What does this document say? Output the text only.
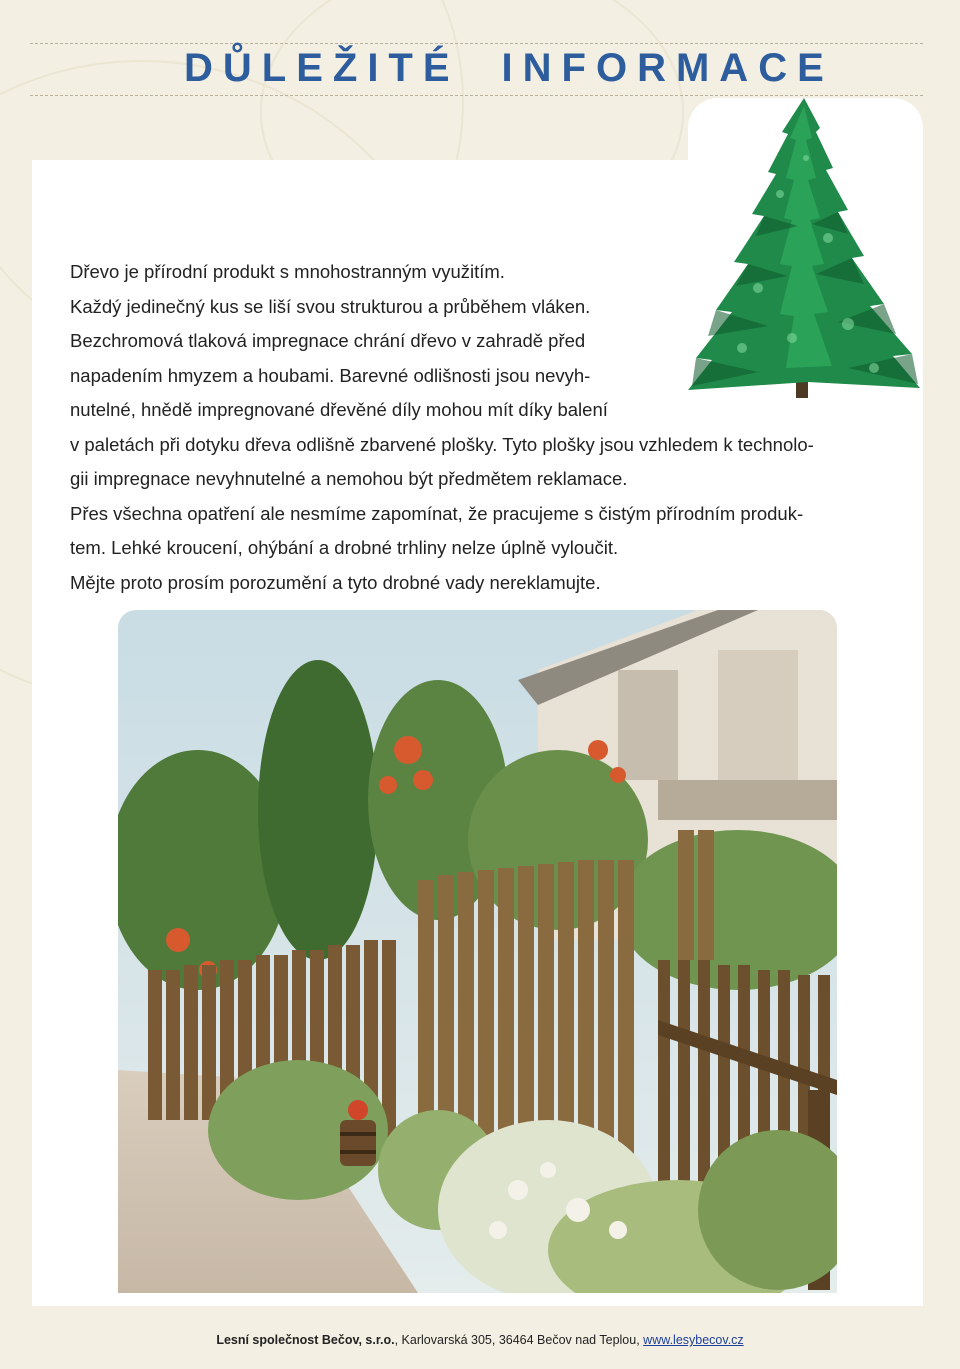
DŮLEŽITÉ INFORMACE

Dřevo je přírodní produkt s mnohostranným využitím.

Každý jedinečný kus se liší svou strukturou a průběhem vláken.

Bezchromová tlaková impregnace chrání dřevo v zahradě před

napadením hmyzem a houbami. Barevné odlišnosti jsou nevyh-

nutelné, hnědě impregnované dřevěné díly mohou mít díky balení

v paletách při dotyku dřeva odlišně zbarvené plošky. Tyto plošky jsou vzhledem k technolo-

gii impregnace nevyhnutelné a nemohou být předmětem reklamace.

Přes všechna opatření ale nesmíme zapomínat, že pracujeme s čistým přírodním produk-

tem. Lehké kroucení, ohýbání a drobné trhliny nelze úplně vyloučit.

Mějte proto prosím porozumění a tyto drobné vady nereklamujte.

Lesní společnost Bečov, s.r.o., Karlovarská 305, 36464 Bečov nad Teplou, www.lesybecov.cz
